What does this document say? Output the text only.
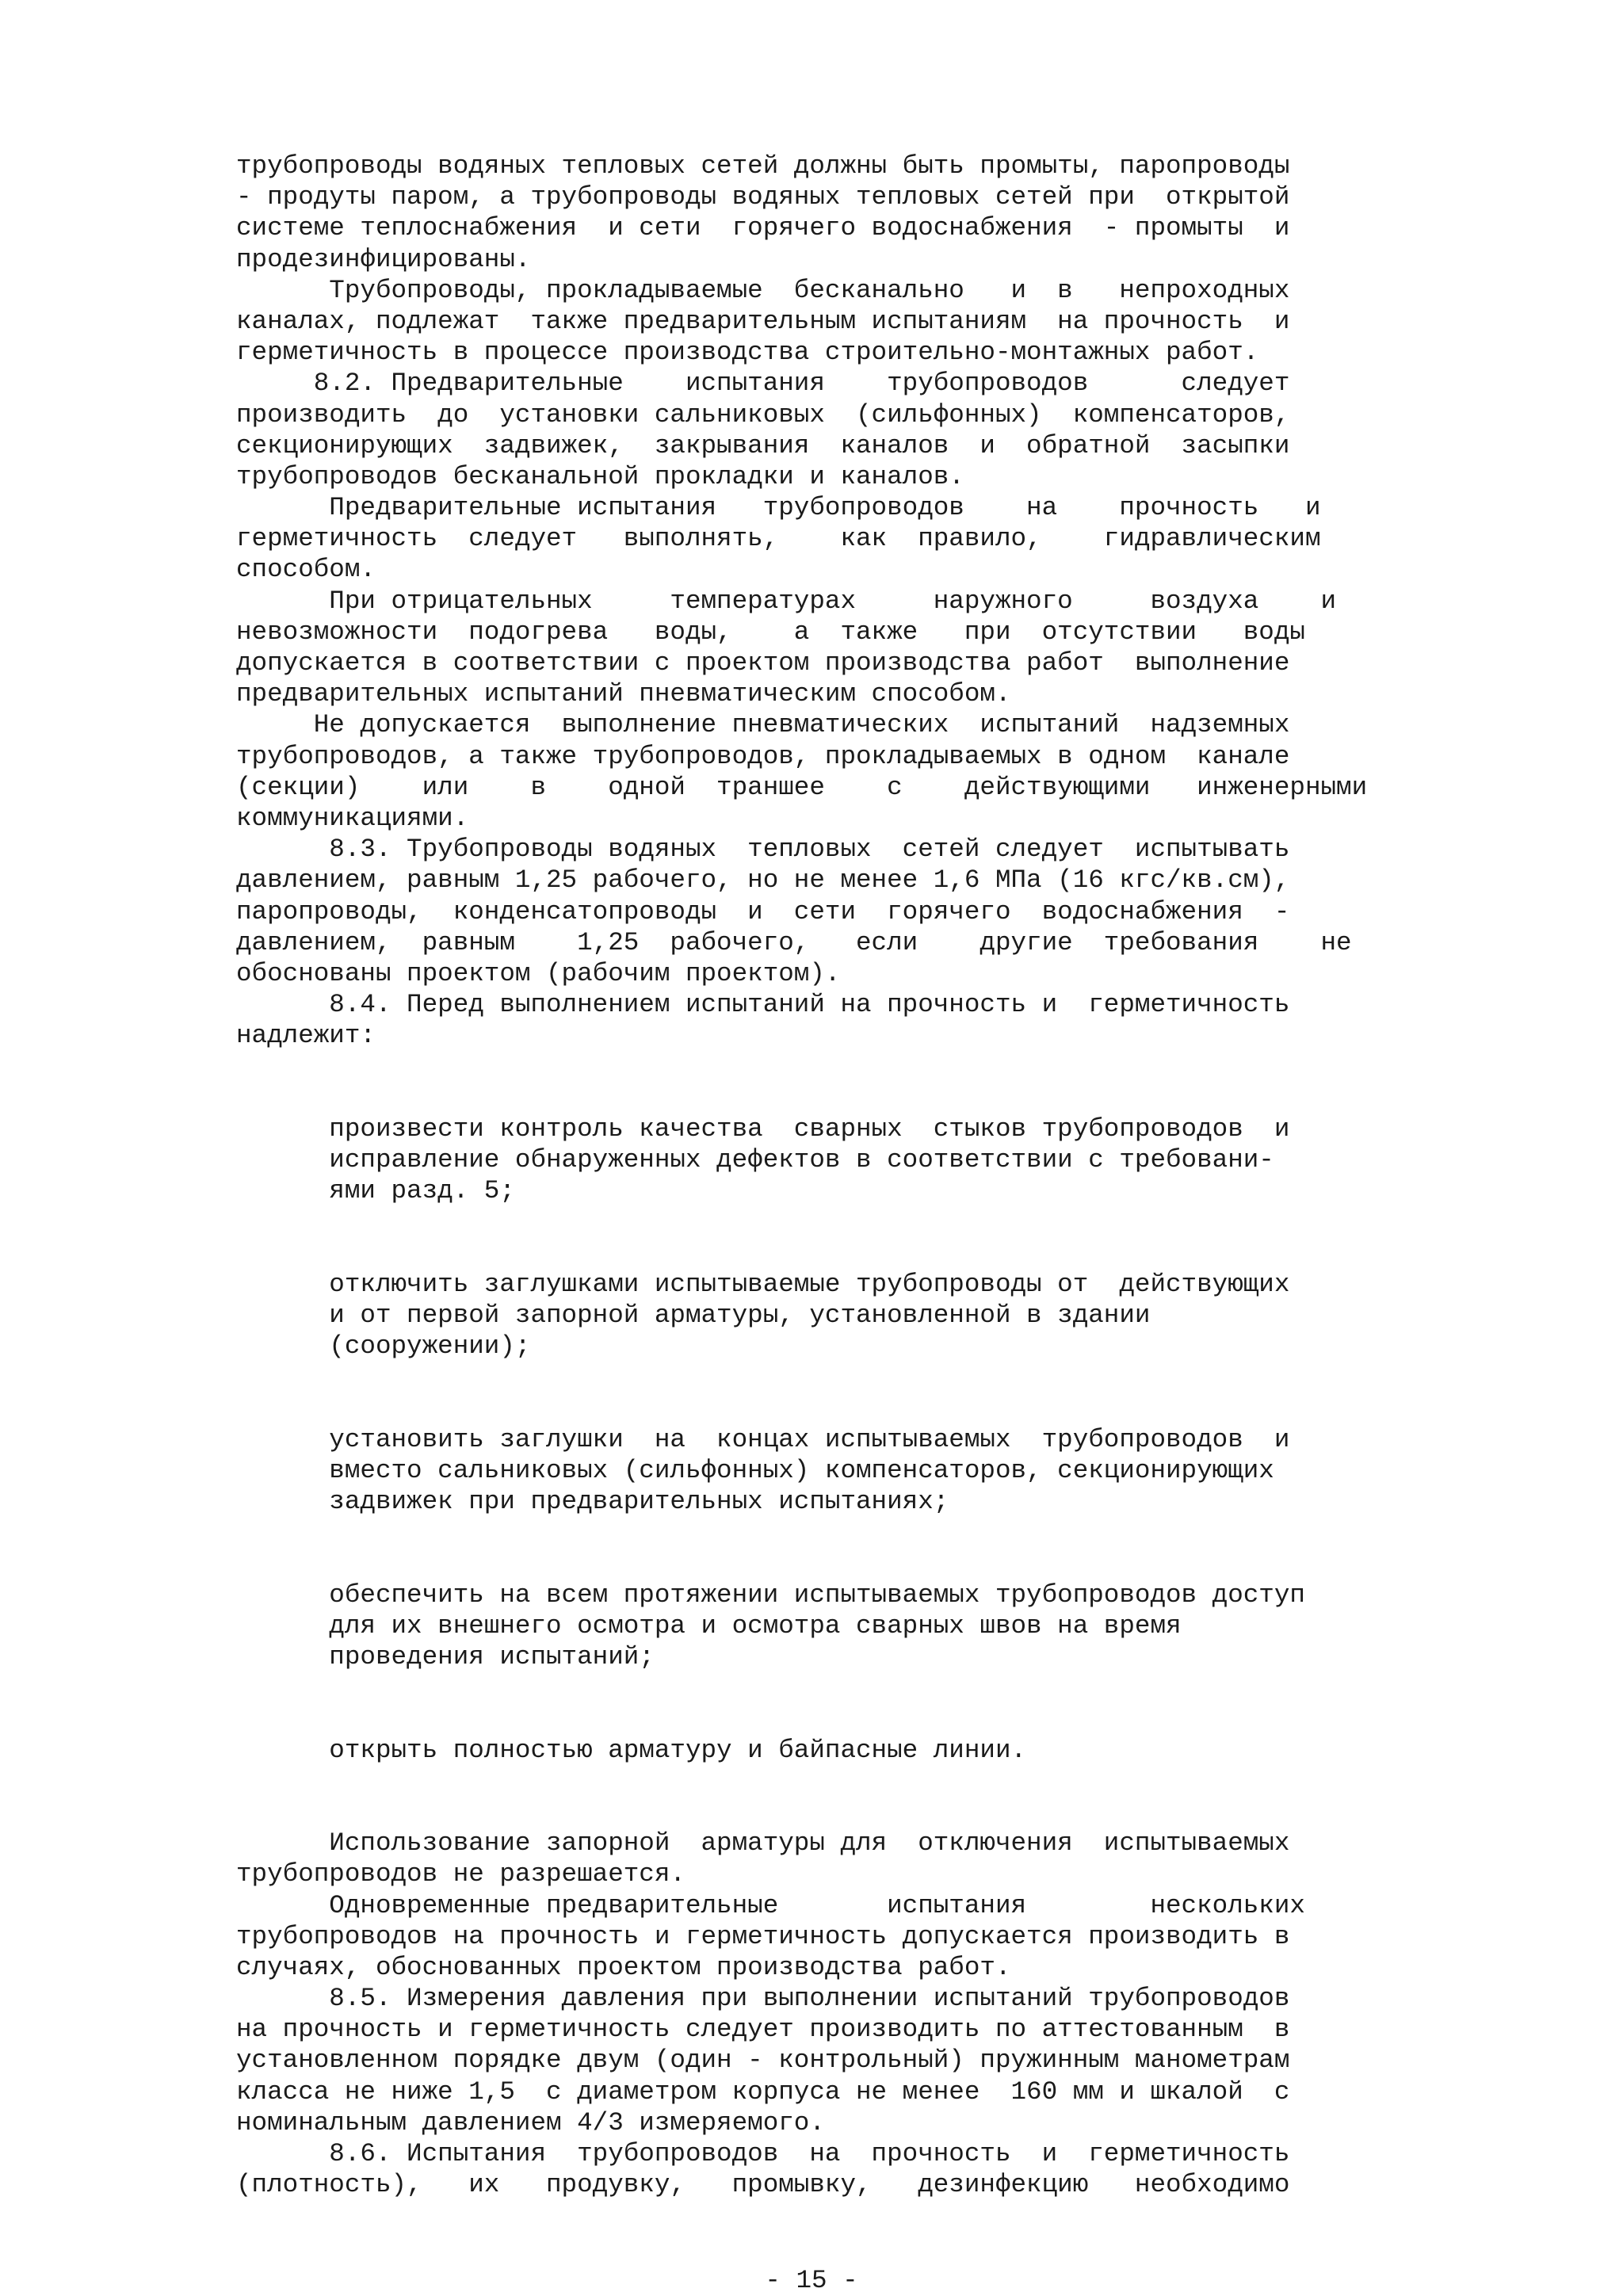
трубопроводы водяных тепловых сетей должны быть промыты, паропроводы
- продуты паром, а трубопроводы водяных тепловых сетей при  открытой
системе теплоснабжения  и сети  горячего водоснабжения  - промыты  и
продезинфицированы.
Трубопроводы, прокладываемые  бесканально   и  в   непроходных
каналах, подлежат  также предварительным испытаниям  на прочность  и
герметичность в процессе производства строительно-монтажных работ.
8.2. Предварительные    испытания    трубопроводов      следует
производить  до  установки сальниковых  (сильфонных)  компенсаторов,
секционирующих  задвижек,  закрывания  каналов  и  обратной  засыпки
трубопроводов бесканальной прокладки и каналов.
Предварительные испытания   трубопроводов    на    прочность   и
герметичность  следует   выполнять,    как  правило,    гидравлическим
способом.
При отрицательных     температурах     наружного     воздуха    и
невозможности  подогрева   воды,    а  также   при  отсутствии   воды
допускается в соответствии с проектом производства работ  выполнение
предварительных испытаний пневматическим способом.
Не допускается  выполнение пневматических  испытаний  надземных
трубопроводов, а также трубопроводов, прокладываемых в одном  канале
(секции)    или    в    одной  траншее    с    действующими   инженерными
коммуникациями.
8.3. Трубопроводы водяных  тепловых  сетей следует  испытывать
давлением, равным 1,25 рабочего, но не менее 1,6 МПа (16 кгс/кв.см),
паропроводы,  конденсатопроводы  и  сети  горячего  водоснабжения  -
давлением,  равным    1,25  рабочего,   если    другие  требования    не
обоснованы проектом (рабочим проектом).
8.4. Перед выполнением испытаний на прочность и  герметичность
надлежит:
произвести контроль качества  сварных  стыков трубопроводов  и
исправление обнаруженных дефектов в соответствии с требовани-
ями разд. 5;
отключить заглушками испытываемые трубопроводы от  действующих
и от первой запорной арматуры, установленной в здании
(сооружении);
установить заглушки  на  концах испытываемых  трубопроводов  и
вместо сальниковых (сильфонных) компенсаторов, секционирующих
задвижек при предварительных испытаниях;
обеспечить на всем протяжении испытываемых трубопроводов доступ
для их внешнего осмотра и осмотра сварных швов на время
проведения испытаний;
открыть полностью арматуру и байпасные линии.
Использование запорной  арматуры для  отключения  испытываемых
трубопроводов не разрешается.
Одновременные предварительные       испытания        нескольких
трубопроводов на прочность и герметичность допускается производить в
случаях, обоснованных проектом производства работ.
8.5. Измерения давления при выполнении испытаний трубопроводов
на прочность и герметичность следует производить по аттестованным  в
установленном порядке двум (один - контрольный) пружинным манометрам
класса не ниже 1,5  с диаметром корпуса не менее  160 мм и шкалой  с
номинальным давлением 4/3 измеряемого.
8.6. Испытания  трубопроводов  на  прочность  и  герметичность
(плотность),   их   продувку,   промывку,   дезинфекцию   необходимо
- 15 -
